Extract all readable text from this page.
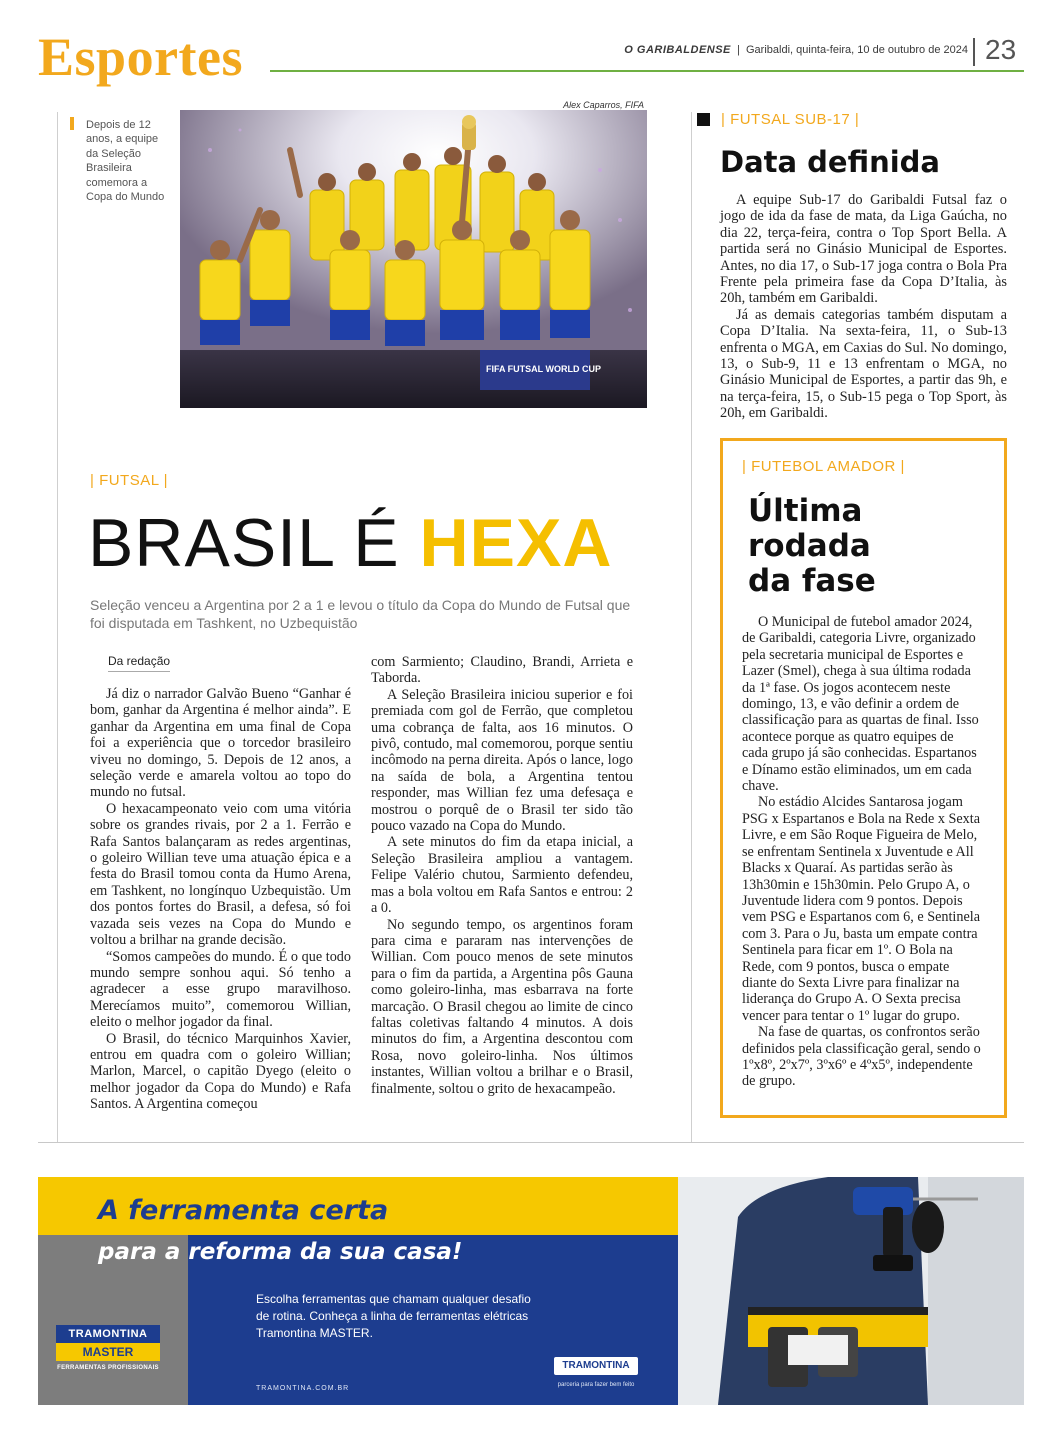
Esportes	O GARIBALDENSE  |  Garibaldi, quinta-feira, 10 de outubro de 2024 23
Alex Caparros, FIFA
Depois de 12 anos, a equipe da Seleção Brasileira comemora a Copa do Mundo
FIFA FUTSAL WORLD CUP
| FUTSAL |
BRASIL É HEXA
Seleção venceu a Argentina por 2 a 1 e levou o título da Copa do Mundo de Futsal que foi disputada em Tashkent, no Uzbequistão
Da redação

Já diz o narrador Galvão Bueno “Ganhar é bom, ganhar da Argentina é melhor ainda”. E ganhar da Argentina em uma final de Copa foi a experiência que o torcedor brasileiro viveu no domingo, 5. Depois de 12 anos, a seleção verde e amarela voltou ao topo do mundo no futsal.

O hexacampeonato veio com uma vitória sobre os grandes rivais, por 2 a 1. Ferrão e Rafa Santos balançaram as redes argentinas, o goleiro Willian teve uma atuação épica e a festa do Brasil tomou conta da Humo Arena, em Tashkent, no longínquo Uzbequistão. Um dos pontos fortes do Brasil, a defesa, só foi vazada seis vezes na Copa do Mundo e voltou a brilhar na grande decisão.

“Somos campeões do mundo. É o que todo mundo sempre sonhou aqui. Só tenho a agradecer a esse grupo maravilhoso. Merecíamos muito”, comemorou Willian, eleito o melhor jogador da final.

O Brasil, do técnico Marquinhos Xavier, entrou em quadra com o goleiro Willian; Marlon, Marcel, o capitão Dyego (eleito o melhor jogador da Copa do Mundo) e Rafa Santos. A Argentina começou

com Sarmiento; Claudino, Brandi, Arrieta e Taborda.

A Seleção Brasileira iniciou superior e foi premiada com gol de Ferrão, que completou uma cobrança de falta, aos 16 minutos. O pivô, contudo, mal comemorou, porque sentiu incômodo na perna direita. Após o lance, logo na saída de bola, a Argentina tentou responder, mas Willian fez uma defesaça e mostrou o porquê de o Brasil ter sido tão pouco vazado na Copa do Mundo.

A sete minutos do fim da etapa inicial, a Seleção Brasileira ampliou a vantagem. Felipe Valério chutou, Sarmiento defendeu, mas a bola voltou em Rafa Santos e entrou: 2 a 0.

No segundo tempo, os argentinos foram para cima e pararam nas intervenções de Willian. Com pouco menos de sete minutos para o fim da partida, a Argentina pôs Gauna como goleiro-linha, mas esbarrava na forte marcação. O Brasil chegou ao limite de cinco faltas coletivas faltando 4 minutos. A dois minutos do fim, a Argentina descontou com Rosa, novo goleiro-linha. Nos últimos instantes, Willian voltou a brilhar e o Brasil, finalmente, soltou o grito de hexacampeão.

| FUTSAL SUB-17 |
Data definida

A equipe Sub-17 do Garibaldi Futsal faz o jogo de ida da fase de mata, da Liga Gaúcha, no dia 22, terça-feira, contra o Top Sport Bella. A partida será no Ginásio Municipal de Esportes. Antes, no dia 17, o Sub-17 joga contra o Bola Pra Frente pela primeira fase da Copa D’Italia, às 20h, também em Garibaldi.

Já as demais categorias também disputam a Copa D’Italia. Na sexta-feira, 11, o Sub-13 enfrenta o MGA, em Caxias do Sul. No domingo, 13, o Sub-9, 11 e 13 enfrentam o MGA, no Ginásio Municipal de Esportes, a partir das 9h, e na terça-feira, 15, o Sub-15 pega o Top Sport, às 20h, em Garibaldi.

| FUTEBOL AMADOR |
Última
rodada
da fase

O Municipal de futebol amador 2024, de Garibaldi, categoria Livre, organizado pela secretaria municipal de Esportes e Lazer (Smel), chega à sua última rodada da 1ª fase. Os jogos acontecem neste domingo, 13, e vão definir a ordem de classificação para as quartas de final. Isso acontece porque as quatro equipes de cada grupo já são conhecidas. Espartanos e Dínamo estão eliminados, um em cada chave.

No estádio Alcides Santarosa jogam PSG x Espartanos e Bola na Rede x Sexta Livre, e em São Roque Figueira de Melo, se enfrentam Sentinela x Juventude e All Blacks x Quaraí. As partidas serão às 13h30min e 15h30min. Pelo Grupo A, o Juventude lidera com 9 pontos. Depois vem PSG e Espartanos com 6, e Sentinela com 3. Para o Ju, basta um empate contra Sentinela para ficar em 1º. O Bola na Rede, com 9 pontos, busca o empate diante do Sexta Livre para finalizar na liderança do Grupo A. O Sexta precisa vencer para tentar o 1º lugar do grupo.

Na fase de quartas, os confrontos serão definidos pela classificação geral, sendo o 1ºx8º, 2ºx7º, 3ºx6º e 4ºx5º, independente de grupo.

A ferramenta certa
para a reforma da sua casa!
Escolha ferramentas que chamam qualquer desafio de rotina. Conheça a linha de ferramentas elétricas Tramontina MASTER.
TRAMONTINA.COM.BR
TRAMONTINA
MASTER
FERRAMENTAS PROFISSIONAIS	TRAMONTINA
parceria para fazer bem feito
